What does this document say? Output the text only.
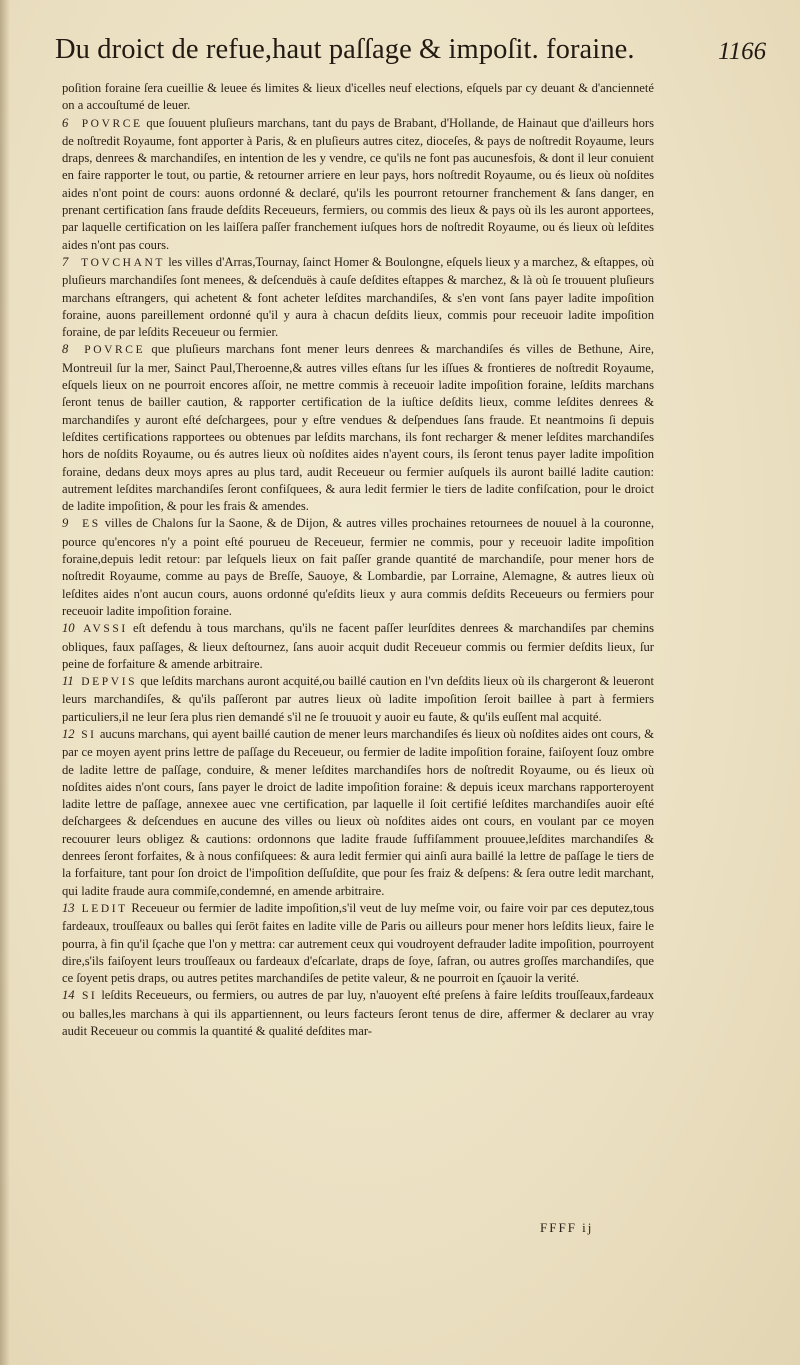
Du droict de refue,haut paſſage & impoſit. foraine.	1166

poſition foraine ſera cueillie & leuee és limites & lieux d'icelles neuf elections, eſquels par cy deuant & d'ancienneté on a accouſtumé de leuer.

6 POVRCE que ſouuent pluſieurs marchans, tant du pays de Brabant, d'Hollande, de Hainaut que d'ailleurs hors de noſtredit Royaume, font apporter à Paris, & en pluſieurs autres citez, dioceſes, & pays de noſtredit Royaume, leurs draps, denrees & marchandiſes, en intention de les y vendre, ce qu'ils ne font pas aucunesfois, & dont il leur conuient en faire rapporter le tout, ou partie, & retourner arriere en leur pays, hors noſtredit Royaume, ou és lieux où noſdites aides n'ont point de cours: auons ordonné & declaré, qu'ils les pourront retourner franchement & ſans danger, en prenant certification ſans fraude deſdits Receueurs, fermiers, ou commis des lieux & pays où ils les auront apportees, par laquelle certification on les laiſſera paſſer franchement iuſques hors de noſtredit Royaume, ou és lieux où leſdites aides n'ont pas cours.

7 TOVCHANT les villes d'Arras,Tournay, ſainct Homer & Boulongne, eſquels lieux y a marchez, & eſtappes, où pluſieurs marchandiſes ſont menees, & deſcenduës à cauſe deſdites eſtappes & marchez, & là où ſe trouuent pluſieurs marchans eſtrangers, qui achetent & font acheter leſdites marchandiſes, & s'en vont ſans payer ladite impoſition foraine, auons pareillement ordonné qu'il y aura à chacun deſdits lieux, commis pour receuoir ladite impoſition foraine, de par leſdits Receueur ou fermier.

8 POVRCE que pluſieurs marchans font mener leurs denrees & marchandiſes és villes de Bethune, Aire, Montreuil ſur la mer, Sainct Paul,Theroenne,& autres villes eſtans ſur les iſſues & frontieres de noſtredit Royaume, eſquels lieux on ne pourroit encores aſſoir, ne mettre commis à receuoir ladite impoſition foraine, leſdits marchans ſeront tenus de bailler caution, & rapporter certification de la iuſtice deſdits lieux, comme leſdites denrees & marchandiſes y auront eſté deſchargees, pour y eſtre vendues & deſpendues ſans fraude. Et neantmoins ſi depuis leſdites certifications rapportees ou obtenues par leſdits marchans, ils font recharger & mener leſdites marchandiſes hors de noſdits Royaume, ou és autres lieux où noſdites aides n'ayent cours, ils ſeront tenus payer ladite impoſition foraine, dedans deux moys apres au plus tard, audit Receueur ou fermier auſquels ils auront baillé ladite caution: autrement leſdites marchandiſes ſeront confiſquees, & aura ledit fermier le tiers de ladite confiſcation, pour le droict de ladite impoſition, & pour les frais & amendes.

9 ES villes de Chalons ſur la Saone, & de Dijon, & autres villes prochaines retournees de nouuel à la couronne, pource qu'encores n'y a point eſté pourueu de Receueur, fermier ne commis, pour y receuoir ladite impoſition foraine,depuis ledit retour: par leſquels lieux on fait paſſer grande quantité de marchandiſe, pour mener hors de noſtredit Royaume, comme au pays de Breſſe, Sauoye, & Lombardie, par Lorraine, Alemagne, & autres lieux où leſdites aides n'ont aucun cours, auons ordonné qu'eſdits lieux y aura commis deſdits Receueurs ou fermiers pour receuoir ladite impoſition foraine.

10 AVSSI eſt defendu à tous marchans, qu'ils ne facent paſſer leurſdites denrees & marchandiſes par chemins obliques, faux paſſages, & lieux deſtournez, ſans auoir acquit dudit Receueur commis ou fermier deſdits lieux, ſur peine de forfaiture & amende arbitraire.

11 DEPVIS que leſdits marchans auront acquité,ou baillé caution en l'vn deſdits lieux où ils chargeront & leueront leurs marchandiſes, & qu'ils paſſeront par autres lieux où ladite impoſition ſeroit baillee à part à fermiers particuliers,il ne leur ſera plus rien demandé s'il ne ſe trouuoit y auoir eu faute, & qu'ils euſſent mal acquité.

12 SI aucuns marchans, qui ayent baillé caution de mener leurs marchandiſes és lieux où noſdites aides ont cours, & par ce moyen ayent prins lettre de paſſage du Receueur, ou fermier de ladite impoſition foraine, faiſoyent ſouz ombre de ladite lettre de paſſage, conduire, & mener leſdites marchandiſes hors de noſtredit Royaume, ou és lieux où noſdites aides n'ont cours, ſans payer le droict de ladite impoſition foraine: & depuis iceux marchans rapporteroyent ladite lettre de paſſage, annexee auec vne certification, par laquelle il ſoit certifié leſdites marchandiſes auoir eſté deſchargees & deſcendues en aucune des villes ou lieux où noſdites aides ont cours, en voulant par ce moyen recouurer leurs obligez & cautions: ordonnons que ladite fraude ſuffiſamment prouuee,leſdites marchandiſes & denrees ſeront forfaites, & à nous confiſquees: & aura ledit fermier qui ainſi aura baillé la lettre de paſſage le tiers de la forfaiture, tant pour ſon droict de l'impoſition deſſuſdite, que pour ſes fraiz & deſpens: & ſera outre ledit marchant, qui ladite fraude aura commiſe,condemné, en amende arbitraire.

13 LEDIT Receueur ou fermier de ladite impoſition,s'il veut de luy meſme voir, ou faire voir par ces deputez,tous fardeaux, trouſſeaux ou balles qui ſerōt faites en ladite ville de Paris ou ailleurs pour mener hors leſdits lieux, faire le pourra, à fin qu'il ſçache que l'on y mettra: car autrement ceux qui voudroyent defrauder ladite impoſition, pourroyent dire,s'ils faiſoyent leurs trouſſeaux ou fardeaux d'eſcarlate, draps de ſoye, ſafran, ou autres groſſes marchandiſes, que ce ſoyent petis draps, ou autres petites marchandiſes de petite valeur, & ne pourroit en ſçauoir la verité.

14 SI leſdits Receueurs, ou fermiers, ou autres de par luy, n'auoyent eſté preſens à faire leſdits trouſſeaux,fardeaux ou balles,les marchans à qui ils appartiennent, ou leurs facteurs ſeront tenus de dire, affermer & declarer au vray audit Receueur ou commis la quantité & qualité deſdites mar-

FFFF ij
